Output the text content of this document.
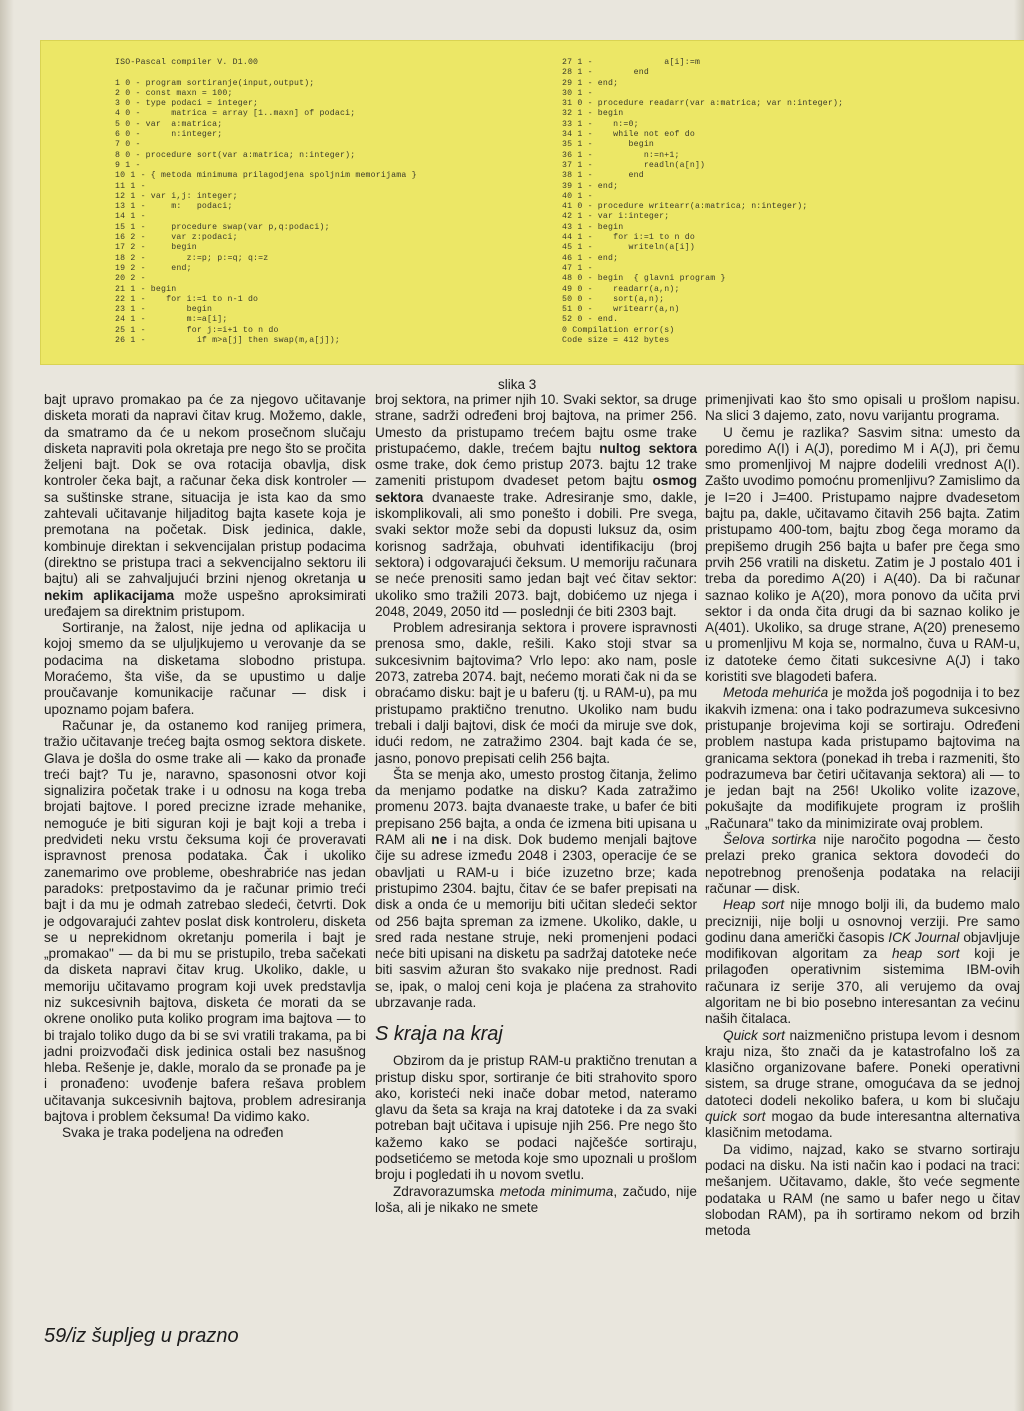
ISO-Pascal compiler V. D1.00

1 0 - program sortiranje(input,output);
2 0 - const maxn = 100;
3 0 - type podaci = integer;
4 0 -      matrica = array [1..maxn] of podaci;
5 0 - var  a:matrica;
6 0 -      n:integer;
7 0 -
8 0 - procedure sort(var a:matrica; n:integer);
9 1 -
10 1 - { metoda minimuma prilagodjena spoljnim memorijama }
11 1 -
12 1 - var i,j: integer;
13 1 -     m:   podaci;
14 1 -
15 1 -     procedure swap(var p,q:podaci);
16 2 -     var z:podaci;
17 2 -     begin
18 2 -        z:=p; p:=q; q:=z
19 2 -     end;
20 2 -
21 1 - begin
22 1 -    for i:=1 to n-1 do
23 1 -        begin
24 1 -        m:=a[i];
25 1 -        for j:=i+1 to n do
26 1 -          if m>a[j] then swap(m,a[j]);
27 1 -              a[i]:=m
28 1 -        end
29 1 - end;
30 1 -
31 0 - procedure readarr(var a:matrica; var n:integer);
32 1 - begin
33 1 -    n:=0;
34 1 -    while not eof do
35 1 -       begin
36 1 -          n:=n+1;
37 1 -          readln(a[n])
38 1 -       end
39 1 - end;
40 1 -
41 0 - procedure writearr(a:matrica; n:integer);
42 1 - var i:integer;
43 1 - begin
44 1 -    for i:=1 to n do
45 1 -       writeln(a[i])
46 1 - end;
47 1 -
48 0 - begin  { glavni program }
49 0 -    readarr(a,n);
50 0 -    sort(a,n);
51 0 -    writearr(a,n)
52 0 - end.
0 Compilation error(s)
Code size = 412 bytes
slika 3

bajt upravo promakao pa će za njegovo učitavanje disketa morati da napravi čitav krug. Možemo, dakle, da smatramo da će u nekom prosečnom slučaju disketa napraviti pola okretaja pre nego što se pročita željeni bajt. Dok se ova rotacija obavlja, disk kontroler čeka bajt, a računar čeka disk kontroler — sa suštinske strane, situacija je ista kao da smo zahtevali učitavanje hiljaditog bajta kasete koja je premotana na početak. Disk jedinica, dakle, kombinuje direktan i sekvencijalan pristup podacima (direktno se pristupa traci a sekvencijalno sektoru ili bajtu) ali se zahvaljujući brzini njenog okretanja u nekim aplikacijama može uspešno aproksimirati uređajem sa direktnim pristupom.

Sortiranje, na žalost, nije jedna od aplikacija u kojoj smemo da se uljuljkujemo u verovanje da se podacima na disketama slobodno pristupa. Moraćemo, šta više, da se upustimo u dalje proučavanje komunikacije računar — disk i upoznamo pojam bafera.

Računar je, da ostanemo kod ranijeg primera, tražio učitavanje trećeg bajta osmog sektora diskete. Glava je došla do osme trake ali — kako da pronađe treći bajt? Tu je, naravno, spasonosni otvor koji signalizira početak trake i u odnosu na koga treba brojati bajtove. I pored precizne izrade mehanike, nemoguće je biti siguran koji je bajt koji a treba i predvideti neku vrstu čeksuma koji će proveravati ispravnost prenosa podataka. Čak i ukoliko zanemarimo ove probleme, obeshrabriće nas jedan paradoks: pretpostavimo da je računar primio treći bajt i da mu je odmah zatrebao sledeći, četvrti. Dok je odgovarajući zahtev poslat disk kontroleru, disketa se u neprekidnom okretanju pomerila i bajt je „promakao" — da bi mu se pristupilo, treba sačekati da disketa napravi čitav krug. Ukoliko, dakle, u memoriju učitavamo program koji uvek predstavlja niz sukcesivnih bajtova, disketa će morati da se okrene onoliko puta koliko program ima bajtova — to bi trajalo toliko dugo da bi se svi vratili trakama, pa bi jadni proizvođači disk jedinica ostali bez nasušnog hleba. Rešenje je, dakle, moralo da se pronađe pa je i pronađeno: uvođenje bafera rešava problem učitavanja sukcesivnih bajtova, problem adresiranja bajtova i problem čeksuma! Da vidimo kako.

Svaka je traka podeljena na određen

broj sektora, na primer njih 10. Svaki sektor, sa druge strane, sadrži određeni broj bajtova, na primer 256. Umesto da pristupamo trećem bajtu osme trake pristupaćemo, dakle, trećem bajtu nultog sektora osme trake, dok ćemo pristup 2073. bajtu 12 trake zameniti pristupom dvadeset petom bajtu osmog sektora dvanaeste trake. Adresiranje smo, dakle, iskomplikovali, ali smo ponešto i dobili. Pre svega, svaki sektor može sebi da dopusti luksuz da, osim korisnog sadržaja, obuhvati identifikaciju (broj sektora) i odgovarajući čeksum. U memoriju računara se neće prenositi samo jedan bajt već čitav sektor: ukoliko smo tražili 2073. bajt, dobićemo uz njega i 2048, 2049, 2050 itd — poslednji će biti 2303 bajt.

Problem adresiranja sektora i provere ispravnosti prenosa smo, dakle, rešili. Kako stoji stvar sa sukcesivnim bajtovima? Vrlo lepo: ako nam, posle 2073, zatreba 2074. bajt, nećemo morati čak ni da se obraćamo disku: bajt je u baferu (tj. u RAM-u), pa mu pristupamo praktično trenutno. Ukoliko nam budu trebali i dalji bajtovi, disk će moći da miruje sve dok, idući redom, ne zatražimo 2304. bajt kada će se, jasno, ponovo prepisati celih 256 bajta.

Šta se menja ako, umesto prostog čitanja, želimo da menjamo podatke na disku? Kada zatražimo promenu 2073. bajta dvanaeste trake, u bafer će biti prepisano 256 bajta, a onda će izmena biti upisana u RAM ali ne i na disk. Dok budemo menjali bajtove čije su adrese između 2048 i 2303, operacije će se obavljati u RAM-u i biće izuzetno brze; kada pristupimo 2304. bajtu, čitav će se bafer prepisati na disk a onda će u memoriju biti učitan sledeći sektor od 256 bajta spreman za izmene. Ukoliko, dakle, u sred rada nestane struje, neki promenjeni podaci neće biti upisani na disketu pa sadržaj datoteke neće biti sasvim ažuran što svakako nije prednost. Radi se, ipak, o maloj ceni koja je plaćena za strahovito ubrzavanje rada.

S kraja na kraj

Obzirom da je pristup RAM-u praktično trenutan a pristup disku spor, sortiranje će biti strahovito sporo ako, koristeći neki inače dobar metod, nateramo glavu da šeta sa kraja na kraj datoteke i da za svaki potreban bajt učitava i upisuje njih 256. Pre nego što kažemo kako se podaci najčešće sortiraju, podsetićemo se metoda koje smo upoznali u prošlom broju i pogledati ih u novom svetlu.

Zdravorazumska metoda minimuma, začudo, nije loša, ali je nikako ne smete

primenjivati kao što smo opisali u prošlom napisu. Na slici 3 dajemo, zato, novu varijantu programa.

U čemu je razlika? Sasvim sitna: umesto da poredimo A(I) i A(J), poredimo M i A(J), pri čemu smo promenljivoj M najpre dodelili vrednost A(I). Zašto uvodimo pomoćnu promenljivu? Zamislimo da je I=20 i J=400. Pristupamo najpre dvadesetom bajtu pa, dakle, učitavamo čitavih 256 bajta. Zatim pristupamo 400-tom, bajtu zbog čega moramo da prepišemo drugih 256 bajta u bafer pre čega smo prvih 256 vratili na disketu. Zatim je J postalo 401 i treba da poredimo A(20) i A(40). Da bi računar saznao koliko je A(20), mora ponovo da učita prvi sektor i da onda čita drugi da bi saznao koliko je A(401). Ukoliko, sa druge strane, A(20) prenesemo u promenljivu M koja se, normalno, čuva u RAM-u, iz datoteke ćemo čitati sukcesivne A(J) i tako koristiti sve blagodeti bafera.

Metoda mehurića je možda još pogodnija i to bez ikakvih izmena: ona i tako podrazumeva sukcesivno pristupanje brojevima koji se sortiraju. Određeni problem nastupa kada pristupamo bajtovima na granicama sektora (ponekad ih treba i razmeniti, što podrazumeva bar četiri učitavanja sektora) ali — to je jedan bajt na 256! Ukoliko volite izazove, pokušajte da modifikujete program iz prošlih „Računara" tako da minimizirate ovaj problem.

Šelova sortirka nije naročito pogodna — često prelazi preko granica sektora dovodeći do nepotrebnog prenošenja podataka na relaciji računar — disk.

Heap sort nije mnogo bolji ili, da budemo malo precizniji, nije bolji u osnovnoj verziji. Pre samo godinu dana američki časopis ICK Journal objavljuje modifikovan algoritam za heap sort koji je prilagođen operativnim sistemima IBM-ovih računara iz serije 370, ali verujemo da ovaj algoritam ne bi bio posebno interesantan za većinu naših čitalaca.

Quick sort naizmenično pristupa levom i desnom kraju niza, što znači da je katastrofalno loš za klasično organizovane bafere. Poneki operativni sistem, sa druge strane, omogućava da se jednoj datoteci dodeli nekoliko bafera, u kom bi slučaju quick sort mogao da bude interesantna alternativa klasičnim metodama.

Da vidimo, najzad, kako se stvarno sortiraju podaci na disku. Na isti način kao i podaci na traci: mešanjem. Učitavamo, dakle, što veće segmente podataka u RAM (ne samo u bafer nego u čitav slobodan RAM), pa ih sortiramo nekom od brzih metoda

59/iz šupljeg u prazno
